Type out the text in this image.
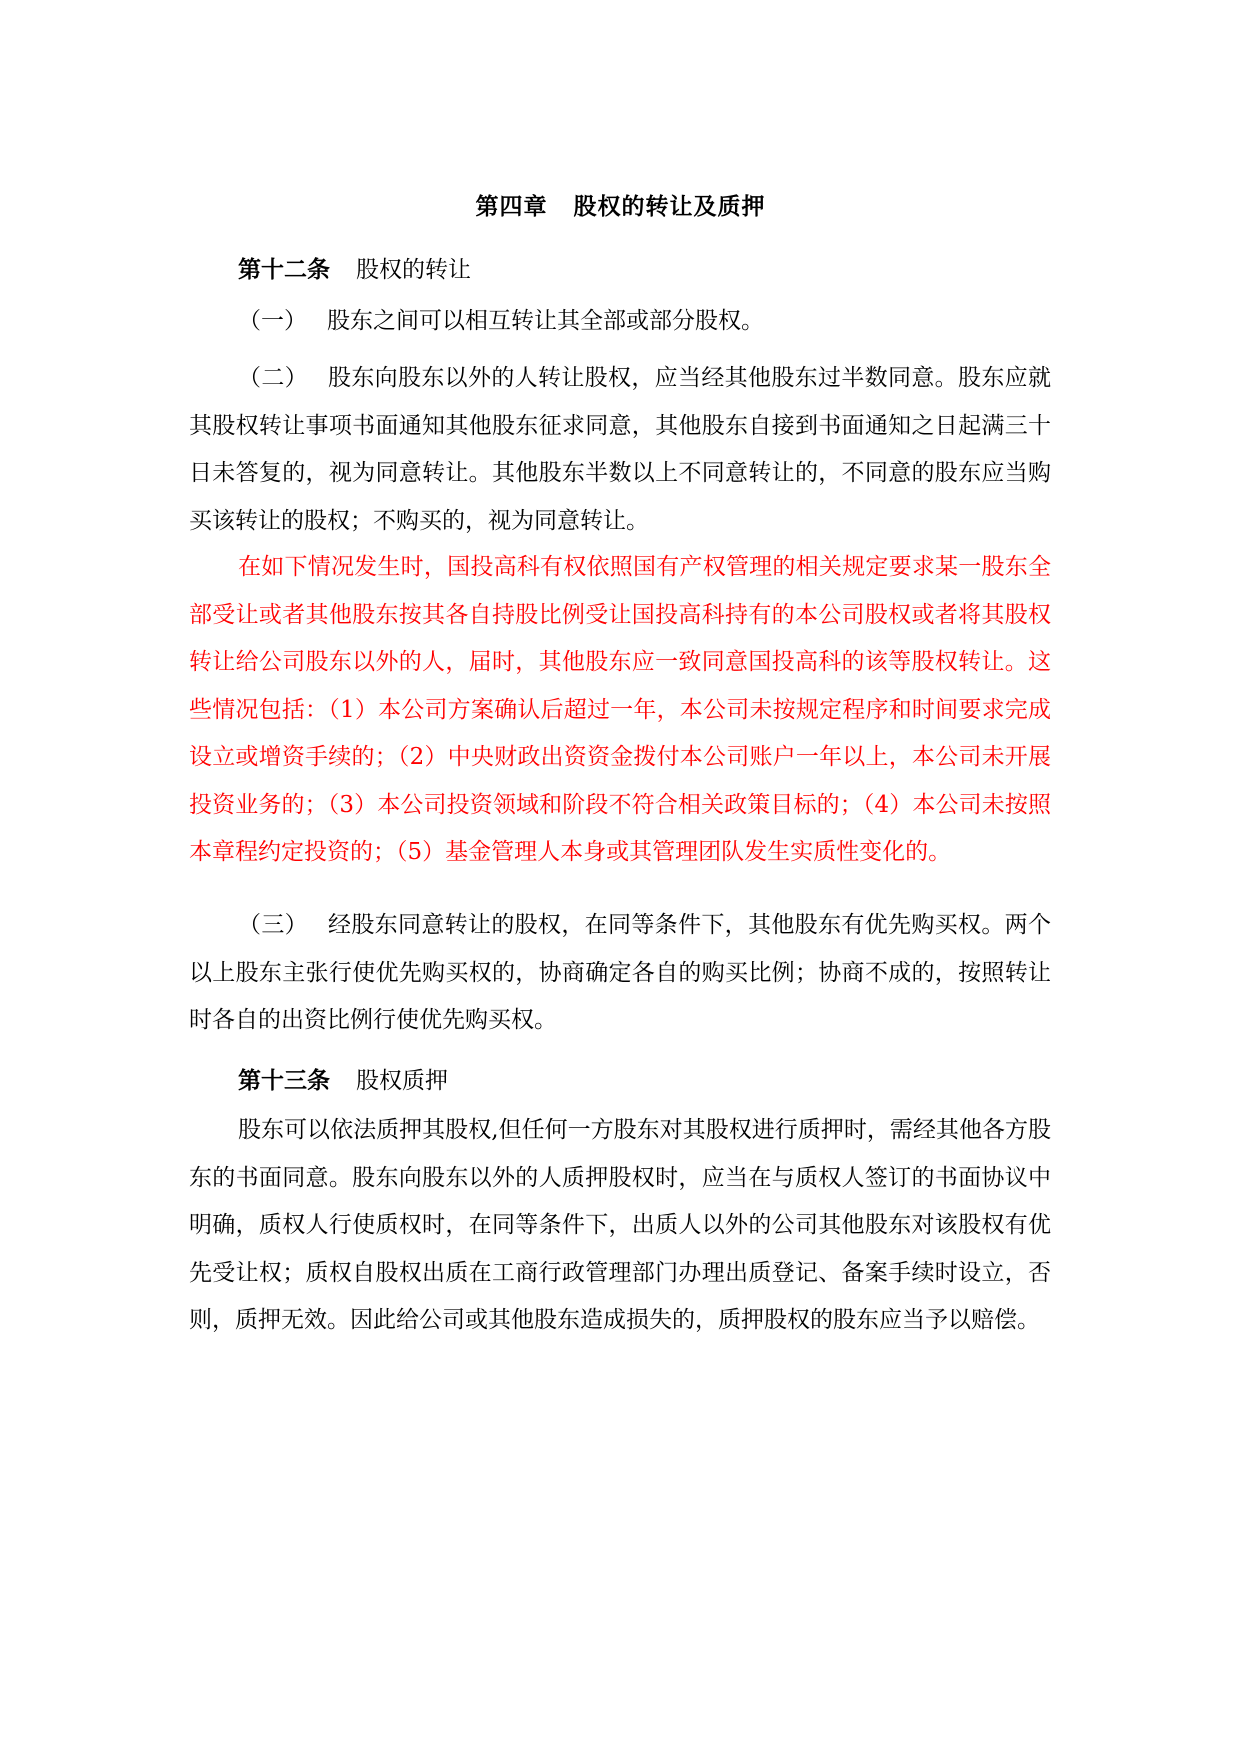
第四章 股权的转让及质押
第十二条 股权的转让

（一） 股东之间可以相互转让其全部或部分股权。

（二） 股东向股东以外的人转让股权，应当经其他股东过半数同意。股东应就其股权转让事项书面通知其他股东征求同意，其他股东自接到书面通知之日起满三十日未答复的，视为同意转让。其他股东半数以上不同意转让的，不同意的股东应当购买该转让的股权；不购买的，视为同意转让。

在如下情况发生时，国投高科有权依照国有产权管理的相关规定要求某一股东全部受让或者其他股东按其各自持股比例受让国投高科持有的本公司股权或者将其股权转让给公司股东以外的人，届时，其他股东应一致同意国投高科的该等股权转让。这些情况包括：（1）本公司方案确认后超过一年，本公司未按规定程序和时间要求完成设立或增资手续的；（2）中央财政出资资金拨付本公司账户一年以上，本公司未开展投资业务的；（3）本公司投资领域和阶段不符合相关政策目标的；（4）本公司未按照本章程约定投资的；（5）基金管理人本身或其管理团队发生实质性变化的。

（三） 经股东同意转让的股权，在同等条件下，其他股东有优先购买权。两个以上股东主张行使优先购买权的，协商确定各自的购买比例；协商不成的，按照转让时各自的出资比例行使优先购买权。

第十三条 股权质押

股东可以依法质押其股权,但任何一方股东对其股权进行质押时，需经其他各方股东的书面同意。股东向股东以外的人质押股权时，应当在与质权人签订的书面协议中明确，质权人行使质权时，在同等条件下，出质人以外的公司其他股东对该股权有优先受让权；质权自股权出质在工商行政管理部门办理出质登记、备案手续时设立，否则，质押无效。因此给公司或其他股东造成损失的，质押股权的股东应当予以赔偿。
